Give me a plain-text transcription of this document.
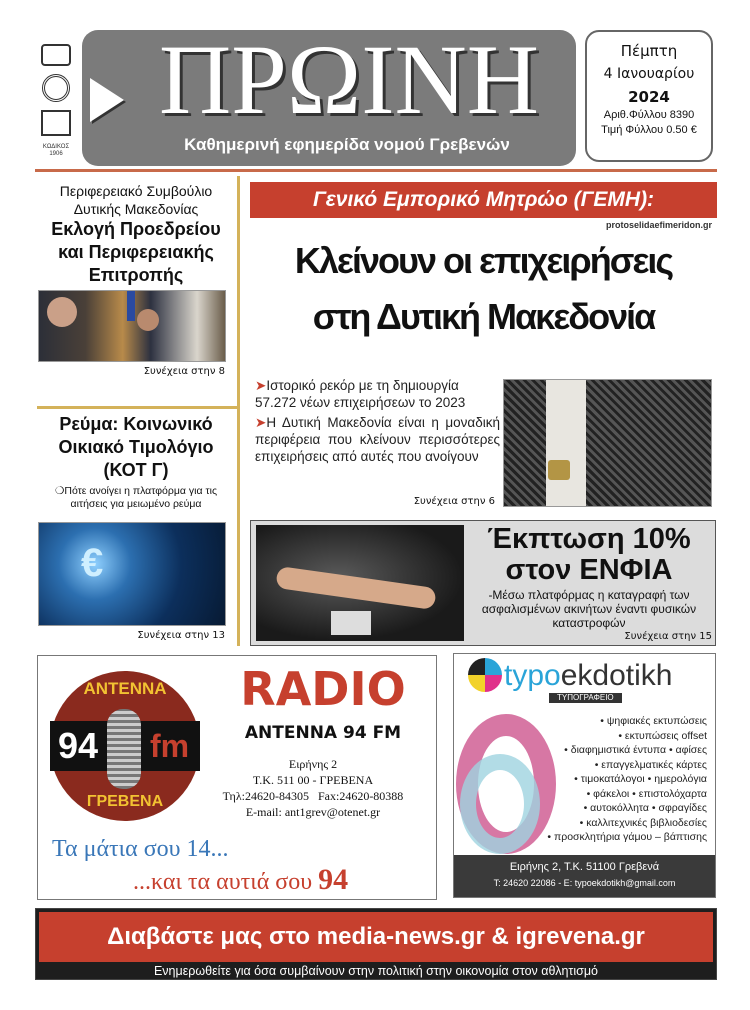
ΚΩΔΙΚΟΣ
1906
ΠΡΩΙΝΗ
Καθημερινή εφημερίδα νομού Γρεβενών
Πέμπτη
4 Ιανουαρίου
2024
Αριθ.Φύλλου 8390
Τιμή Φύλλου 0.50 €
Περιφερειακό Συμβούλιο Δυτικής Μακεδονίας
Εκλογή Προεδρείου και Περιφερειακής Επιτροπής
Συνέχεια στην 8
Ρεύμα: Κοινωνικό Οικιακό Τιμολόγιο (ΚΟΤ Γ)
❍Πότε ανοίγει η πλατφόρμα για τις αιτήσεις για μειωμένο ρεύμα
€
Συνέχεια στην 13
Γενικό Εμπορικό Μητρώο (ΓΕΜΗ):
protoselidaefimeridon.gr
Κλείνουν οι επιχειρήσεις
στη Δυτική Μακεδονία
➤Ιστορικό ρεκόρ με τη δημιουργία 57.272 νέων επιχειρήσεων το 2023
➤Η Δυτική Μακεδονία είναι η μοναδική περιφέρεια που κλείνουν περισσότερες επιχειρήσεις από αυτές που ανοίγουν
Συνέχεια στην 6
Έκπτωση 10%
στον ΕΝΦΙΑ
-Μέσω πλατφόρμας η καταγραφή των ασφαλισμένων ακινήτων έναντι φυσικών καταστροφών
Συνέχεια στην 15
ANTENNA
94 fm
ΓΡΕΒΕΝΑ
RADIO
ANTENNA 94 FM
Ειρήνης 2
Τ.Κ. 511 00 - ΓΡΕΒΕΝΑ
Τηλ:24620-84305   Fax:24620-80388
E-mail: ant1grev@otenet.gr
Τα μάτια σου 14...
...και τα αυτιά σου 94
typoekdotikh
ΤΥΠΟΓΡΑΦΕΙΟ
• ψηφιακές εκτυπώσεις
• εκτυπώσεις offset
• διαφημιστικά έντυπα • αφίσες
• επαγγελματικές κάρτες
• τιμοκατάλογοι • ημερολόγια
• φάκελοι • επιστολόχαρτα
• αυτοκόλλητα • σφραγίδες
• καλλιτεχνικές βιβλιοδεσίες
• προσκλητήρια γάμου – βάπτισης
Ειρήνης 2, Τ.Κ. 51100 Γρεβενά
Τ: 24620 22086 - Ε: typoekdotikh@gmail.com
Διαβάστε μας στο media-news.gr & igrevena.gr
Ενημερωθείτε για όσα συμβαίνουν στην πολιτική στην οικονομία στον αθλητισμό
